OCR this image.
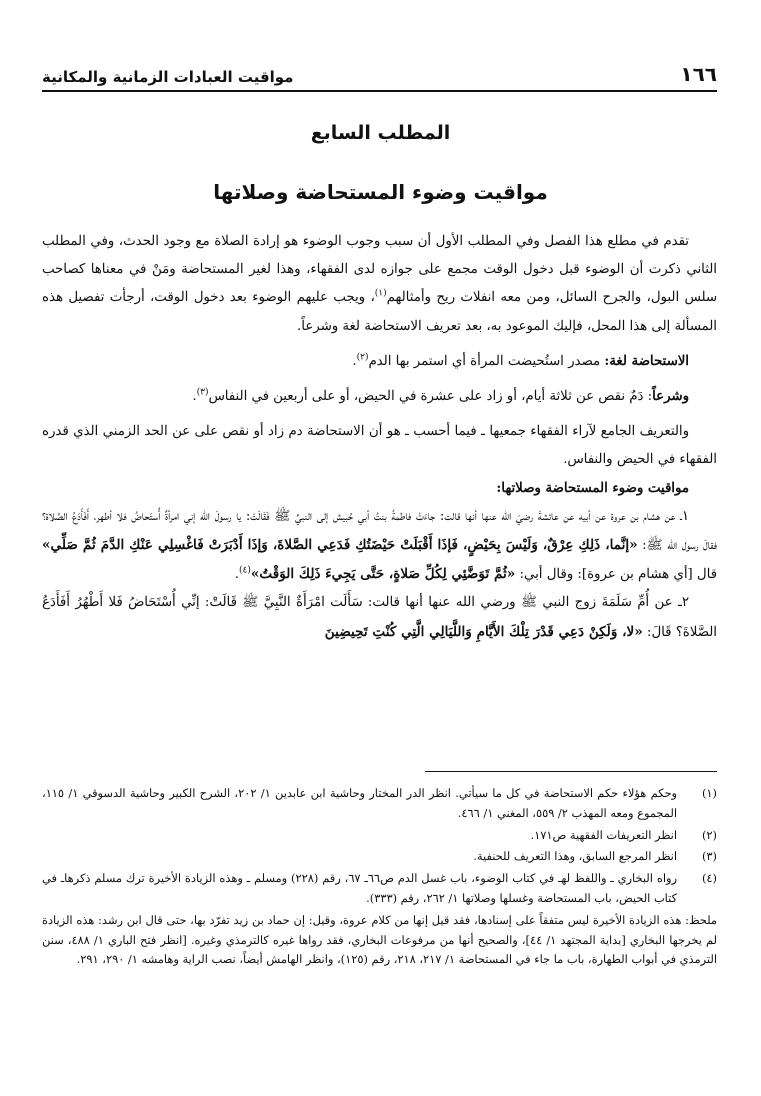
١٦٦
مواقيت العبادات الزمانية والمكانية
المطلب السابع
مواقيت وضوء المستحاضة وصلاتها

تقدم في مطلع هذا الفصل وفي المطلب الأول أن سبب وجوب الوضوء هو إرادة الصلاة مع وجود الحدث، وفي المطلب الثاني ذكرت أن الوضوء قبل دخول الوقت مجمع على جوازه لدى الفقهاء، وهذا لغير المستحاضة ومَنْ في معناها كصاحب سلس البول، والجرح السائل، ومن معه انفلات ريح وأمثالهم$^{(١)}$، ويجب عليهم الوضوء بعد دخول الوقت، أرجأت تفصيل هذه المسألة إلى هذا المحل، فإليك الموعود به، بعد تعريف الاستحاضة لغة وشرعاً.

الاستحاضة لغة: مصدر استُحيضت المرأة أي استمر بها الدم$^{(٢)}$.

وشرعاً: دَمٌ نقص عن ثلاثة أيام، أو زاد على عشرة في الحيض، أو على أربعين في النفاس$^{(٣)}$.

والتعريف الجامع لآراء الفقهاء جمعيها ـ فيما أحسب ـ هو أن الاستحاضة دم زاد أو نقص على عن الحد الزمني الذي قدره الفقهاء في الحيض والنفاس.

مواقيت وضوء المستحاضة وصلاتها:

١ـ عن هشام بن عروة عن أبيه عن عائشةَ رضيَ الله عنها أنها قالت: جاءَتْ فاطمةُ بنتُ أبي حُبيش إلى النبيِّ ﷺ فَقَالَتْ: يا رسولَ الله إني امرأةٌ أُستَحاضُ فلا أطهر، أَفَأَدَعُ الصَّلاة؟ فقالَ رسول الله ﷺ: «إنَّما، ذَلِكِ عِرْقٌ، وَلَيْسَ بِحَيْضٍ، فَإذَا أَقْبَلَتْ حَيْضَتُكِ فَدَعِي الصَّلاةَ، وَإذَا أَدْبَرَتْ فَاغْسِلِي عَنْكِ الدَّمَ ثُمَّ صَلِّي» قال [أي هشام بن عروة]: وقال أبي: «ثُمَّ تَوَضَّئِي لِكُلِّ صَلاةٍ، حَتَّى يَجِيءَ ذَلِكَ الوَقْتُ»$^{(٤)}$.

٢ـ عن أُمِّ سَلَمَةَ زوج النبي ﷺ ورضي الله عنها أنها قالت: سَأَلَت امْرَأَةٌ النَّبِيَّ ﷺ قَالَتْ: إنِّي أُسْتَحَاضُ فَلا أَطْهُرُ أَفَأَدَعُ الصَّلاةَ؟ قَالَ: «لا، وَلَكِنْ دَعِي قَدْرَ تِلْكَ الأَيَّامِ وَاللَّيَالِي الَّتِي كُنْتِ تَحِيضِينَ

(١)
وحكم هؤلاء حكم الاستحاضة في كل ما سيأتي. انظر الدر المختار وحاشية ابن عابدين ١/ ٢٠٢، الشرح الكبير وحاشية الدسوقي ١/ ١١٥، المجموع ومعه المهذب ٢/ ٥٥٩، المغني ١/ ٤٦٦.
(٢)
انظر التعريفات الفقهية ص١٧١.
(٣)
انظر المرجع السابق، وهذا التعريف للحنفية.
(٤)
رواه البخاري ـ واللفظ لهـ في كتاب الوضوء، باب غسل الدم ص٦٦ـ ٦٧، رقم (٢٢٨) ومسلم ـ وهذه الزيادة الأخيرة ترك مسلم ذكرهاـ في كتاب الحيض، باب المستحاضة وغسلها وصلاتها ١/ ٢٦٢، رقم (٣٣٣).
ملحظ: هذه الزيادة الأخيرة ليس متفقاً على إسنادها، فقد قيل إنها من كلام عروة، وقيل: إن حماد بن زيد تفرّد بها، حتى قال ابن رشد: هذه الزيادة لم يخرجها البخاري [بداية المجتهد ١/ ٤٤]، والصحيح أنها من مرفوعات البخاري، فقد رواها غيره كالترمذي وغيره. [انظر فتح الباري ١/ ٤٨٨، سنن الترمذي في أبواب الطهارة، باب ما جاء في المستحاضة ١/ ٢١٧، ٢١٨، رقم (١٢٥)، وانظر الهامش أيضاً، نصب الراية وهامشه ١/ ٢٩٠، ٢٩١.
